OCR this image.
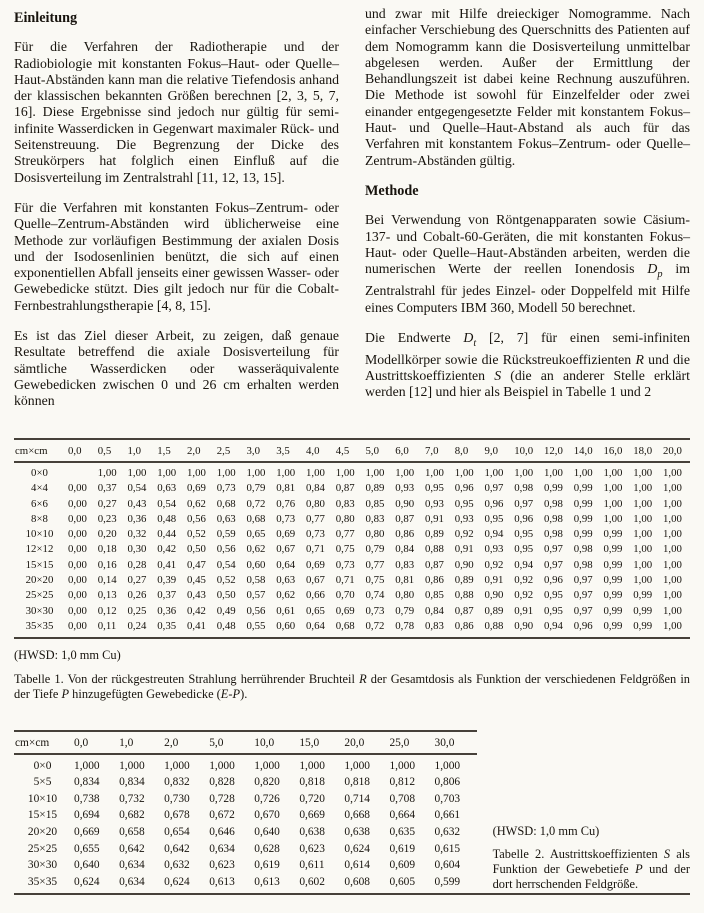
Einleitung

Für die Verfahren der Radiotherapie und der Radiobiologie mit konstanten Fokus–Haut- oder Quelle–Haut-Abständen kann man die relative Tiefendosis anhand der klassischen bekannten Größen berechnen [2, 3, 5, 7, 16]. Diese Ergebnisse sind jedoch nur gültig für semi-infinite Wasserdicken in Gegenwart maximaler Rück- und Seitenstreuung. Die Begrenzung der Dicke des Streukörpers hat folglich einen Einfluß auf die Dosisverteilung im Zentralstrahl [11, 12, 13, 15].

Für die Verfahren mit konstanten Fokus–Zentrum- oder Quelle–Zentrum-Abständen wird üblicherweise eine Methode zur vorläufigen Bestimmung der axialen Dosis und der Isodosenlinien benützt, die sich auf einen exponentiellen Abfall jenseits einer gewissen Wasser- oder Gewebedicke stützt. Dies gilt jedoch nur für die Cobalt-Fernbestrahlungstherapie [4, 8, 15].

Es ist das Ziel dieser Arbeit, zu zeigen, daß genaue Resultate betreffend die axiale Dosisverteilung für sämtliche Wasserdicken oder wasseräquivalente Gewebedicken zwischen 0 und 26 cm erhalten werden können

und zwar mit Hilfe dreieckiger Nomogramme. Nach einfacher Verschiebung des Querschnitts des Patienten auf dem Nomogramm kann die Dosisverteilung unmittelbar abgelesen werden. Außer der Ermittlung der Behandlungszeit ist dabei keine Rechnung auszuführen. Die Methode ist sowohl für Einzelfelder oder zwei einander entgegengesetzte Felder mit konstantem Fokus–Haut- und Quelle–Haut-Abstand als auch für das Verfahren mit konstantem Fokus–Zentrum- oder Quelle–Zentrum-Abständen gültig.

Methode

Bei Verwendung von Röntgenapparaten sowie Cäsium-137- und Cobalt-60-Geräten, die mit konstanten Fokus–Haut- oder Quelle–Haut-Abständen arbeiten, werden die numerischen Werte der reellen Ionendosis $D_p$ im Zentralstrahl für jedes Einzel- oder Doppelfeld mit Hilfe eines Computers IBM 360, Modell 50 berechnet.

Die Endwerte $D_t$ [2, 7] für einen semi-infiniten Modellkörper sowie die Rückstreukoeffizienten R und die Austrittskoeffizienten S (die an anderer Stelle erklärt werden [12] und hier als Beispiel in Tabelle 1 und 2

cm×cm	0,0	0,5	1,0	1,5	2,0	2,5	3,0	3,5	4,0	4,5	5,0	6,0	7,0	8,0	9,0	10,0	12,0	14,0	16,0	18,0	20,0
0×0		1,00	1,00	1,00	1,00	1,00	1,00	1,00	1,00	1,00	1,00	1,00	1,00	1,00	1,00	1,00	1,00	1,00	1,00	1,00	1,00
4×4	0,00	0,37	0,54	0,63	0,69	0,73	0,79	0,81	0,84	0,87	0,89	0,93	0,95	0,96	0,97	0,98	0,99	0,99	1,00	1,00	1,00
6×6	0,00	0,27	0,43	0,54	0,62	0,68	0,72	0,76	0,80	0,83	0,85	0,90	0,93	0,95	0,96	0,97	0,98	0,99	1,00	1,00	1,00
8×8	0,00	0,23	0,36	0,48	0,56	0,63	0,68	0,73	0,77	0,80	0,83	0,87	0,91	0,93	0,95	0,96	0,98	0,99	1,00	1,00	1,00
10×10	0,00	0,20	0,32	0,44	0,52	0,59	0,65	0,69	0,73	0,77	0,80	0,86	0,89	0,92	0,94	0,95	0,98	0,99	0,99	1,00	1,00
12×12	0,00	0,18	0,30	0,42	0,50	0,56	0,62	0,67	0,71	0,75	0,79	0,84	0,88	0,91	0,93	0,95	0,97	0,98	0,99	1,00	1,00
15×15	0,00	0,16	0,28	0,41	0,47	0,54	0,60	0,64	0,69	0,73	0,77	0,83	0,87	0,90	0,92	0,94	0,97	0,98	0,99	1,00	1,00
20×20	0,00	0,14	0,27	0,39	0,45	0,52	0,58	0,63	0,67	0,71	0,75	0,81	0,86	0,89	0,91	0,92	0,96	0,97	0,99	1,00	1,00
25×25	0,00	0,13	0,26	0,37	0,43	0,50	0,57	0,62	0,66	0,70	0,74	0,80	0,85	0,88	0,90	0,92	0,95	0,97	0,99	0,99	1,00
30×30	0,00	0,12	0,25	0,36	0,42	0,49	0,56	0,61	0,65	0,69	0,73	0,79	0,84	0,87	0,89	0,91	0,95	0,97	0,99	0,99	1,00
35×35	0,00	0,11	0,24	0,35	0,41	0,48	0,55	0,60	0,64	0,68	0,72	0,78	0,83	0,86	0,88	0,90	0,94	0,96	0,99	0,99	1,00
(HWSD: 1,0 mm Cu)
Tabelle 1. Von der rückgestreuten Strahlung herrührender Bruchteil R der Gesamtdosis als Funktion der verschiedenen Feldgrößen in der Tiefe P hinzugefügten Gewebedicke (E-P).
cm×cm	0,0	1,0	2,0	5,0	10,0	15,0	20,0	25,0	30,0
0×0	1,000	1,000	1,000	1,000	1,000	1,000	1,000	1,000	1,000
5×5	0,834	0,834	0,832	0,828	0,820	0,818	0,818	0,812	0,806
10×10	0,738	0,732	0,730	0,728	0,726	0,720	0,714	0,708	0,703
15×15	0,694	0,682	0,678	0,672	0,670	0,669	0,668	0,664	0,661
20×20	0,669	0,658	0,654	0,646	0,640	0,638	0,638	0,635	0,632
25×25	0,655	0,642	0,642	0,634	0,628	0,623	0,624	0,619	0,615
30×30	0,640	0,634	0,632	0,623	0,619	0,611	0,614	0,609	0,604
35×35	0,624	0,634	0,624	0,613	0,613	0,602	0,608	0,605	0,599
(HWSD: 1,0 mm Cu)
Tabelle 2. Austrittskoeffizienten S als Funktion der Gewebetiefe P und der dort herrschenden Feldgröße.
